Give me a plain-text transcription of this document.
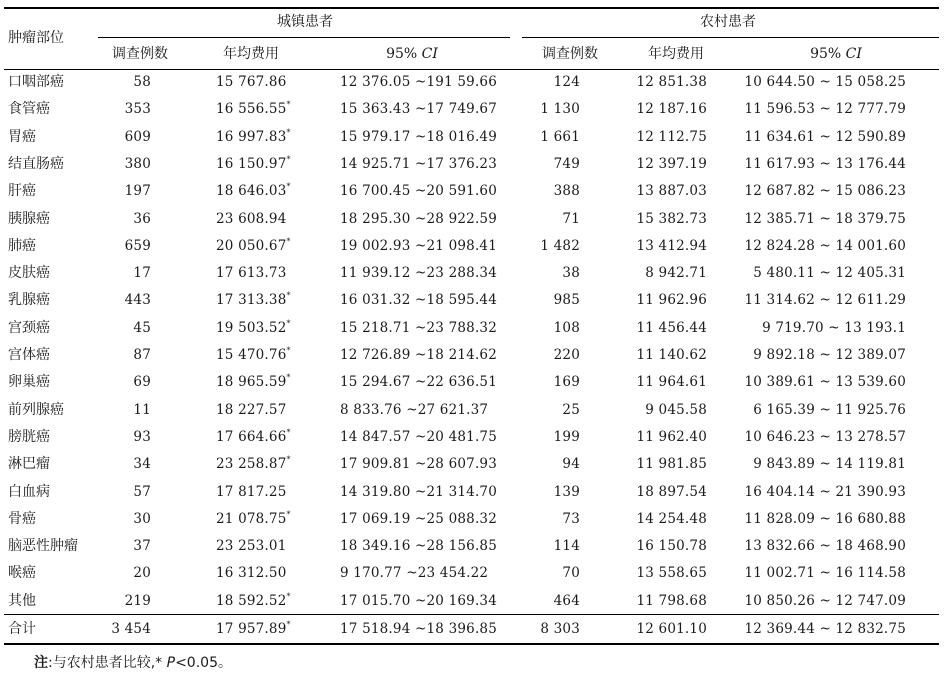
肿瘤部位
城镇患者	农村患者
调查例数	年均费用	95% CI	调查例数	年均费用	95% CI
口咽部癌	58	15 767.86	12 376.05 ~191 59.66	124	12 851.38	10 644.50 ~ 15 058.25
食管癌	353	16 556.55*	15 363.43 ~17 749.67	1 130	12 187.16	11 596.53 ~ 12 777.79
胃癌	609	16 997.83*	15 979.17 ~18 016.49	1 661	12 112.75	11 634.61 ~ 12 590.89
结直肠癌	380	16 150.97*	14 925.71 ~17 376.23	749	12 397.19	11 617.93 ~ 13 176.44
肝癌	197	18 646.03*	16 700.45 ~20 591.60	388	13 887.03	12 687.82 ~ 15 086.23
胰腺癌	36	23 608.94	18 295.30 ~28 922.59	71	15 382.73	12 385.71 ~ 18 379.75
肺癌	659	20 050.67*	19 002.93 ~21 098.41	1 482	13 412.94	12 824.28 ~ 14 001.60
皮肤癌	17	17 613.73	11 939.12 ~23 288.34	38	8 942.71	5 480.11 ~ 12 405.31
乳腺癌	443	17 313.38*	16 031.32 ~18 595.44	985	11 962.96	11 314.62 ~ 12 611.29
宫颈癌	45	19 503.52*	15 218.71 ~23 788.32	108	11 456.44	9 719.70 ~ 13 193.1
宫体癌	87	15 470.76*	12 726.89 ~18 214.62	220	11 140.62	9 892.18 ~ 12 389.07
卵巢癌	69	18 965.59*	15 294.67 ~22 636.51	169	11 964.61	10 389.61 ~ 13 539.60
前列腺癌	11	18 227.57	8 833.76 ~27 621.37	25	9 045.58	6 165.39 ~ 11 925.76
膀胱癌	93	17 664.66*	14 847.57 ~20 481.75	199	11 962.40	10 646.23 ~ 13 278.57
淋巴瘤	34	23 258.87*	17 909.81 ~28 607.93	94	11 981.85	9 843.89 ~ 14 119.81
白血病	57	17 817.25	14 319.80 ~21 314.70	139	18 897.54	16 404.14 ~ 21 390.93
骨癌	30	21 078.75*	17 069.19 ~25 088.32	73	14 254.48	11 828.09 ~ 16 680.88
脑恶性肿瘤	37	23 253.01	18 349.16 ~28 156.85	114	16 150.78	13 832.66 ~ 18 468.90
喉癌	20	16 312.50	9 170.77 ~23 454.22	70	13 558.65	11 002.71 ~ 16 114.58
其他	219	18 592.52*	17 015.70 ~20 169.34	464	11 798.68	10 850.26 ~ 12 747.09
合计	3 454	17 957.89*	17 518.94 ~18 396.85	8 303	12 601.10	12 369.44 ~ 12 832.75
注:与农村患者比较,* P<0.05。
